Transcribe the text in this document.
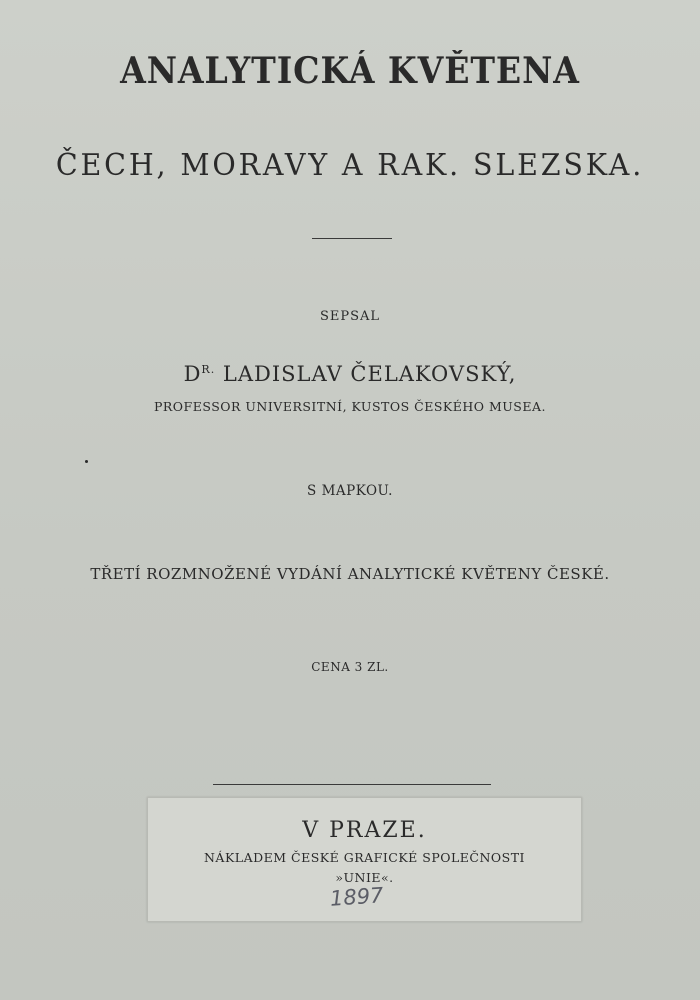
ANALYTICKÁ KVĚTENA
ČECH, MORAVY A RAK. SLEZSKA.
SEPSAL
$D^{R.}$ LADISLAV ČELAKOVSKÝ,
PROFESSOR UNIVERSITNÍ, KUSTOS ČESKÉHO MUSEA.
S MAPKOU.
TŘETÍ ROZMNOŽENÉ VYDÁNÍ ANALYTICKÉ KVĚTENY ČESKÉ.
CENA 3 ZL.
V PRAZE.
NÁKLADEM ČESKÉ GRAFICKÉ SPOLEČNOSTI
»UNIE«.
1897
